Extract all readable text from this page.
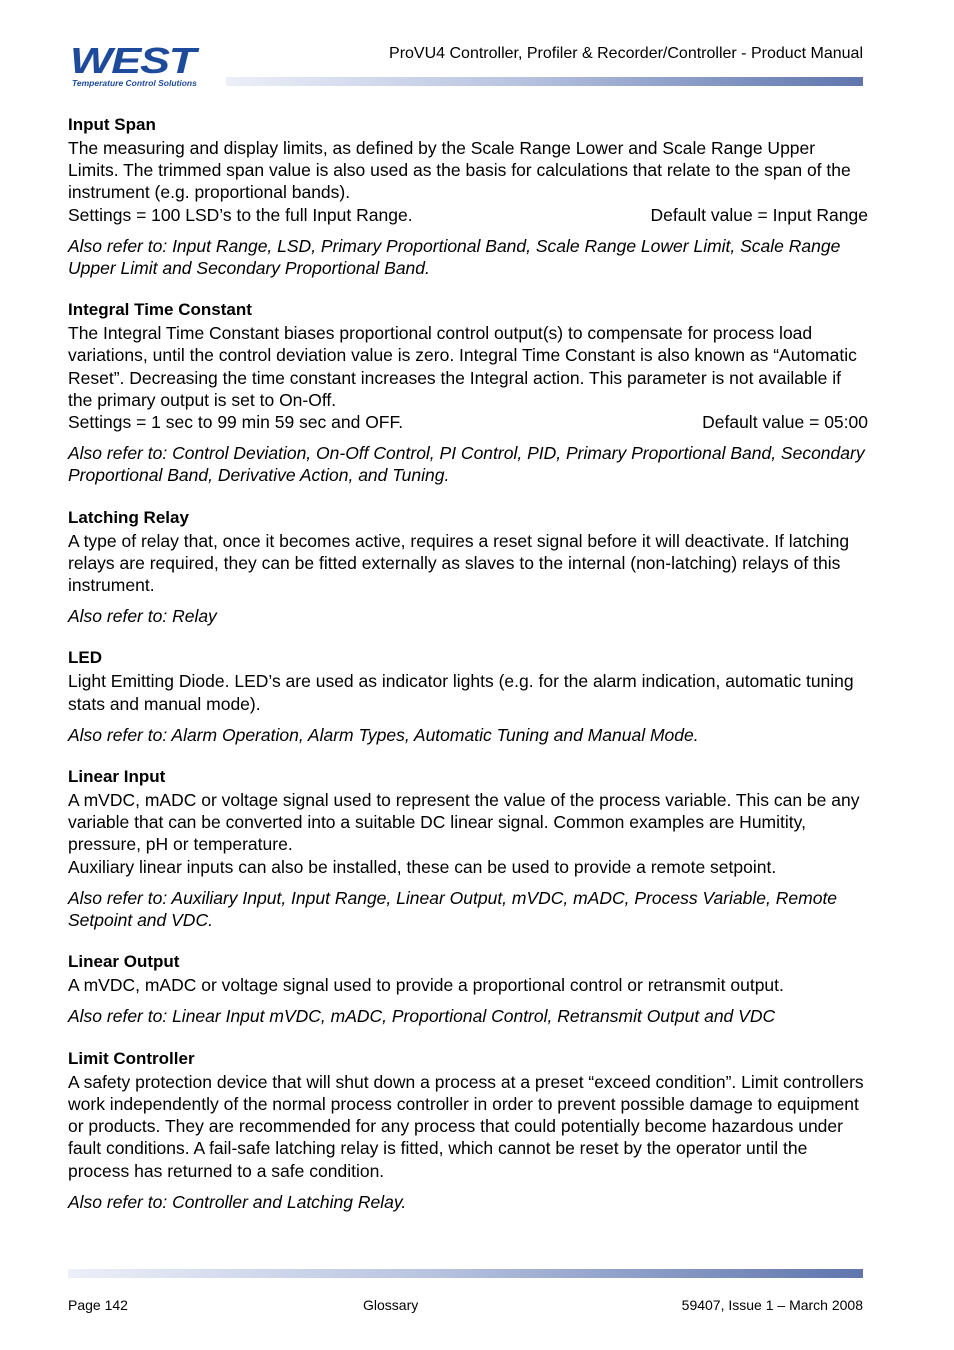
WEST
Temperature Control Solutions
ProVU4 Controller, Profiler & Recorder/Controller - Product Manual
Input Span

The measuring and display limits, as defined by the Scale Range Lower and Scale Range Upper Limits. The trimmed span value is also used as the basis for calculations that relate to the span of the instrument (e.g. proportional bands).

Settings = 100 LSD’s to the full Input Range.	Default value = Input Range

Also refer to: Input Range, LSD, Primary Proportional Band, Scale Range Lower Limit, Scale Range Upper Limit and Secondary Proportional Band.

Integral Time Constant

The Integral Time Constant biases proportional control output(s) to compensate for process load variations, until the control deviation value is zero. Integral Time Constant is also known as “Automatic Reset”. Decreasing the time constant increases the Integral action. This parameter is not available if the primary output is set to On-Off.

Settings = 1 sec to 99 min 59 sec and OFF.	Default value = 05:00

Also refer to: Control Deviation, On-Off Control, PI Control, PID, Primary Proportional Band, Secondary Proportional Band, Derivative Action, and Tuning.

Latching Relay

A type of relay that, once it becomes active, requires a reset signal before it will deactivate. If latching relays are required, they can be fitted externally as slaves to the internal (non-latching) relays of this instrument.

Also refer to: Relay

LED

Light Emitting Diode. LED’s are used as indicator lights (e.g. for the alarm indication, automatic tuning stats and manual mode).

Also refer to: Alarm Operation, Alarm Types, Automatic Tuning and Manual Mode.

Linear Input

A mVDC, mADC or voltage signal used to represent the value of the process variable. This can be any variable that can be converted into a suitable DC linear signal. Common examples are Humitity, pressure, pH or temperature.

Auxiliary linear inputs can also be installed, these can be used to provide a remote setpoint.

Also refer to: Auxiliary Input, Input Range, Linear Output, mVDC, mADC, Process Variable, Remote Setpoint and VDC.

Linear Output

A mVDC, mADC or voltage signal used to provide a proportional control or retransmit output.

Also refer to: Linear Input mVDC, mADC, Proportional Control, Retransmit Output and VDC

Limit Controller

A safety protection device that will shut down a process at a preset “exceed condition”. Limit controllers work independently of the normal process controller in order to prevent possible damage to equipment or products. They are recommended for any process that could potentially become hazardous under fault conditions. A fail-safe latching relay is fitted, which cannot be reset by the operator until the process has returned to a safe condition.

Also refer to: Controller and Latching Relay.

Page 142	Glossary	59407, Issue 1 – March 2008
